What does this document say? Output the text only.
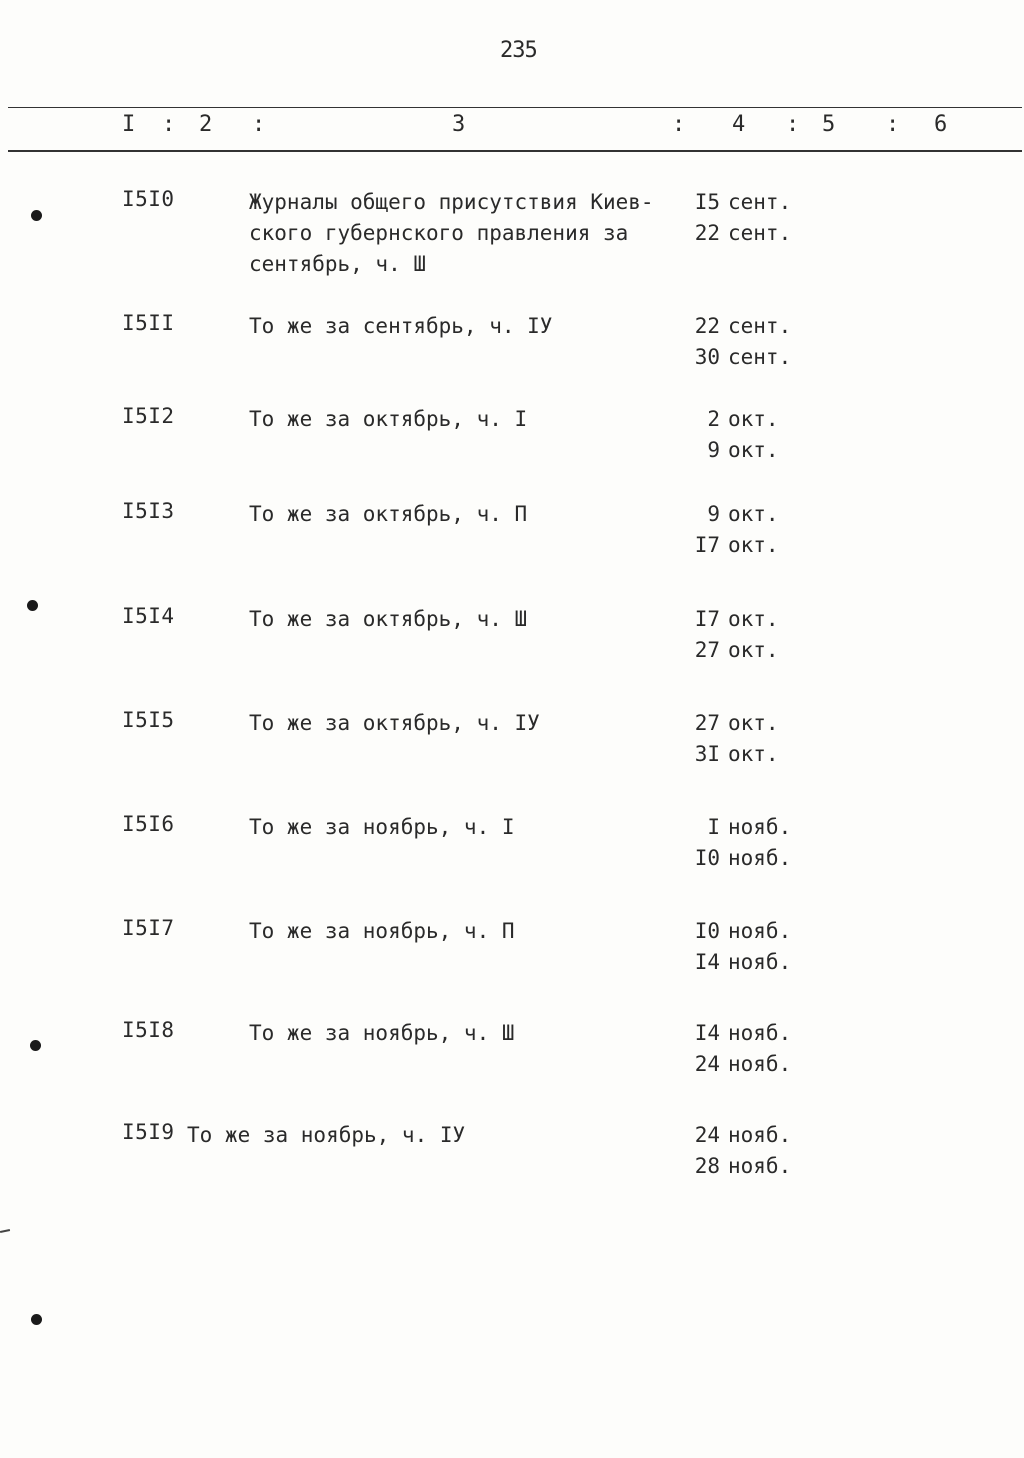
235
I : 2 :	3	: 4 : 5 : 6
I5I0	Журналы общего присутствия Киев-
ского губернского правления за
сентябрь, ч. Ш
I5 сент.
22 сент.
I5II	То же за сентябрь, ч. IУ	22 сент.
30 сент.
I5I2	То же за октябрь, ч. I	2 окт.
9 окт.
I5I3	То же за октябрь, ч. П	9 окт.
I7 окт.
I5I4	То же за октябрь, ч. Ш	I7 окт.
27 окт.
I5I5	То же за октябрь, ч. IУ	27 окт.
3I окт.
I5I6	То же за ноябрь, ч. I	I нояб.
I0 нояб.
I5I7	То же за ноябрь, ч. П	I0 нояб.
I4 нояб.
I5I8	То же за ноябрь, ч. Ш	I4 нояб.
24 нояб.
I5I9 То же за ноябрь, ч. IУ	24 нояб.
28 нояб.
